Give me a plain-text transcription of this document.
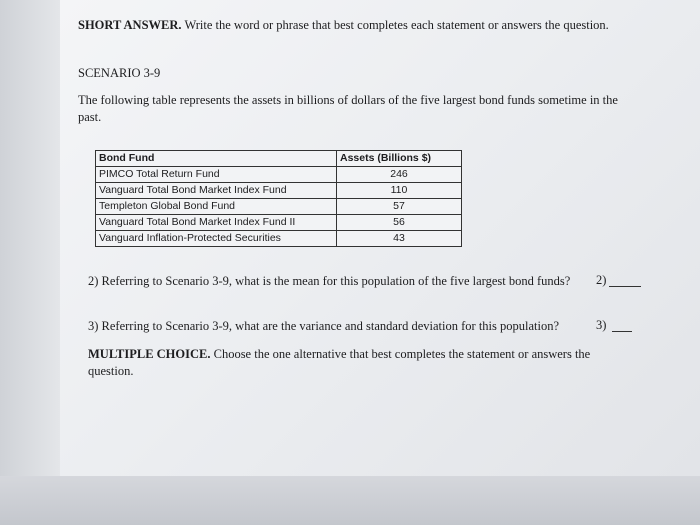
SHORT ANSWER. Write the word or phrase that best completes each statement or answers the question.
SCENARIO 3-9
The following table represents the assets in billions of dollars of the five largest bond funds sometime in the past.
Bond Fund	Assets (Billions $)
PIMCO Total Return Fund	246
Vanguard Total Bond Market Index Fund	110
Templeton Global Bond Fund	57
Vanguard Total Bond Market Index Fund II	56
Vanguard Inflation-Protected Securities	43
2) Referring to Scenario 3-9, what is the mean for this population of the five largest bond funds? 2)
3) Referring to Scenario 3-9, what are the variance and standard deviation for this population?	3)
MULTIPLE CHOICE. Choose the one alternative that best completes the statement or answers the question.
